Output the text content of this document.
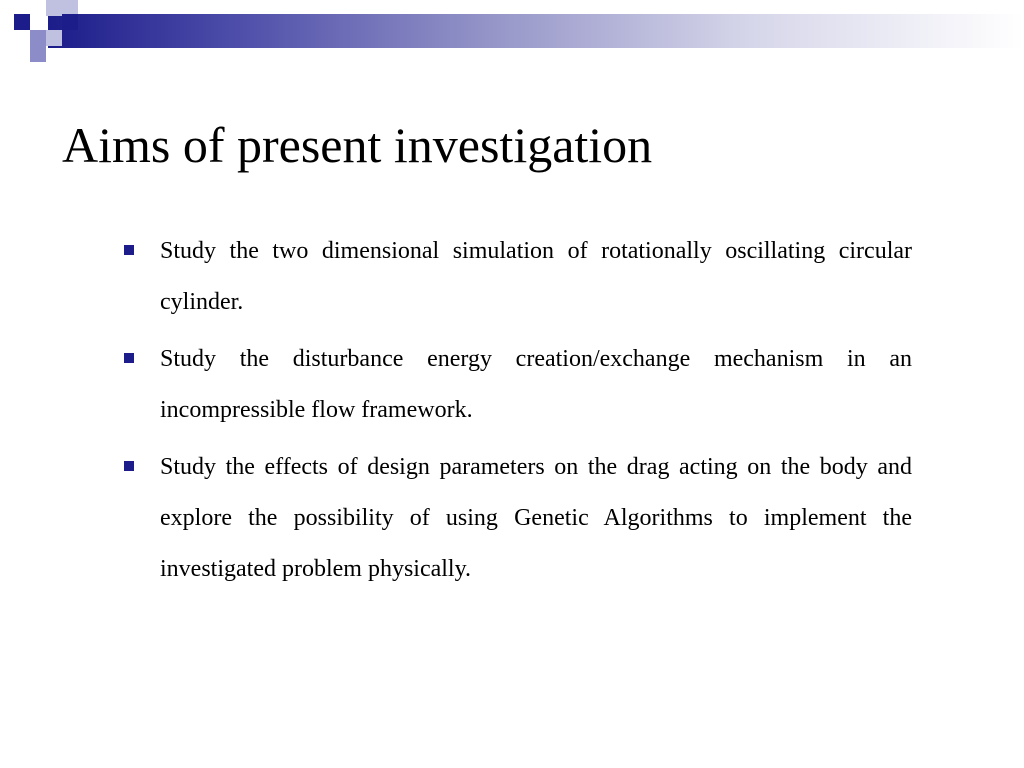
Aims of present investigation
Study the two dimensional simulation of rotationally oscillating circular cylinder.
Study the disturbance energy creation/exchange mechanism in an incompressible flow framework.
Study the effects of design parameters on the drag acting on the body and explore the possibility of using Genetic Algorithms to implement the investigated problem physically.
